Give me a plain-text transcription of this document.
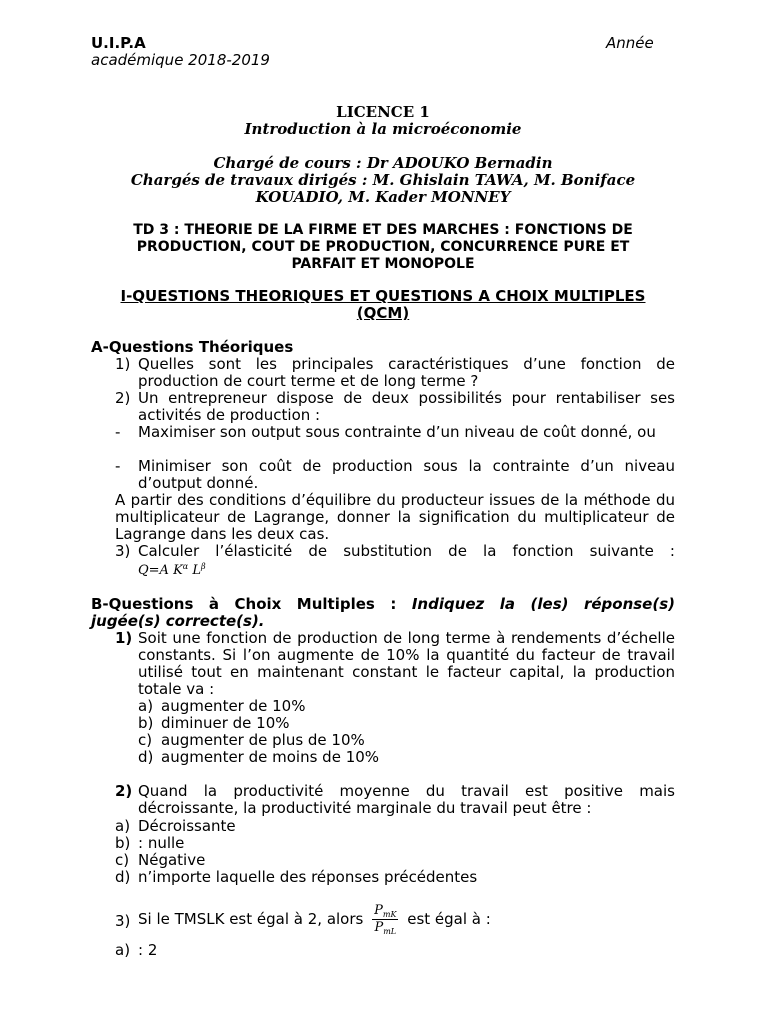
U.I.P.A	Année
académique 2018-2019
LICENCE 1
Introduction à la microéconomie
Chargé de cours : Dr ADOUKO Bernadin
Chargés de travaux dirigés : M. Ghislain TAWA, M. Boniface
KOUADIO, M. Kader MONNEY
TD 3 : THEORIE DE LA FIRME ET DES MARCHES : FONCTIONS DE
PRODUCTION, COUT DE PRODUCTION, CONCURRENCE PURE ET
PARFAIT ET MONOPOLE
I-QUESTIONS THEORIQUES ET QUESTIONS A CHOIX MULTIPLES
(QCM)
A-Questions Théoriques
1) Quelles sont les principales caractéristiques d’une fonction de production de court terme et de long terme ?
2) Un entrepreneur dispose de deux possibilités pour rentabiliser ses activités de production :
- Maximiser son output sous contrainte d’un niveau de coût donné, ou
- Minimiser son coût de production sous la contrainte d’un niveau d’output donné.
A partir des conditions d’équilibre du producteur issues de la méthode du multiplicateur de Lagrange, donner la signification du multiplicateur de Lagrange dans les deux cas.
3) Calculer l’élasticité de substitution de la fonction suivante :
Q=A $K^\alpha$ $L^\beta$
B-Questions à Choix Multiples : Indiquez la (les) réponse(s)
jugée(s) correcte(s).
1) Soit une fonction de production de long terme à rendements d’échelle constants. Si l’on augmente de 10% la quantité du facteur de travail utilisé tout en maintenant constant le facteur capital, la production totale va :
a) augmenter de 10%
b) diminuer de 10%
c) augmenter de plus de 10%
d) augmenter de moins de 10%
2) Quand la productivité moyenne du travail est positive mais décroissante, la productivité marginale du travail peut être :
a) Décroissante
b) : nulle
c) Négative
d) n’importe laquelle des réponses précédentes
3) Si le TMSLK est égal à 2, alors $\frac{P_{mK}}{P_{mL}}$ est égal à :
a) : 2
